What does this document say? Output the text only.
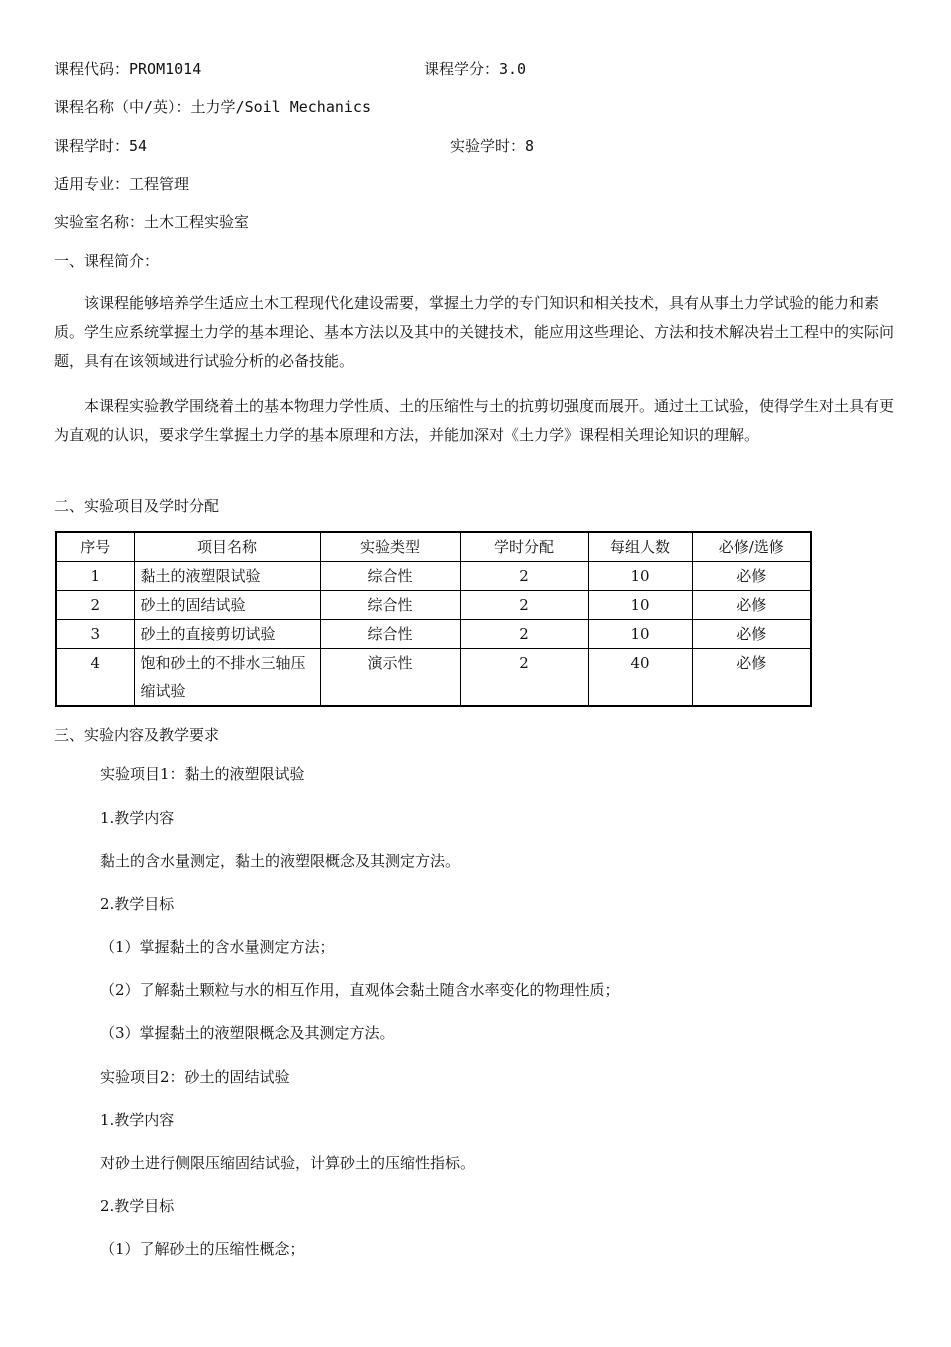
课程代码：PROM1014	课程学分：3.0
课程名称（中/英）：土力学/Soil Mechanics
课程学时：54	实验学时：8
适用专业：工程管理
实验室名称：土木工程实验室
一、课程简介：
该课程能够培养学生适应土木工程现代化建设需要，掌握土力学的专门知识和相关技术，具有从事土力学试验的能力和素质。学生应系统掌握土力学的基本理论、基本方法以及其中的关键技术，能应用这些理论、方法和技术解决岩土工程中的实际问题，具有在该领域进行试验分析的必备技能。
本课程实验教学围绕着土的基本物理力学性质、土的压缩性与土的抗剪切强度而展开。通过土工试验，使得学生对土具有更为直观的认识，要求学生掌握土力学的基本原理和方法，并能加深对《土力学》课程相关理论知识的理解。
二、实验项目及学时分配
序号	项目名称	实验类型	学时分配	每组人数	必修/选修
1	黏土的液塑限试验	综合性	2	10	必修
2	砂土的固结试验	综合性	2	10	必修
3	砂土的直接剪切试验	综合性	2	10	必修
4	饱和砂土的不排水三轴压缩试验	演示性	2	40	必修
三、实验内容及教学要求
实验项目1：黏土的液塑限试验
1.教学内容
黏土的含水量测定，黏土的液塑限概念及其测定方法。
2.教学目标
（1）掌握黏土的含水量测定方法；
（2）了解黏土颗粒与水的相互作用，直观体会黏土随含水率变化的物理性质；
（3）掌握黏土的液塑限概念及其测定方法。
实验项目2：砂土的固结试验
1.教学内容
对砂土进行侧限压缩固结试验，计算砂土的压缩性指标。
2.教学目标
（1）了解砂土的压缩性概念；
